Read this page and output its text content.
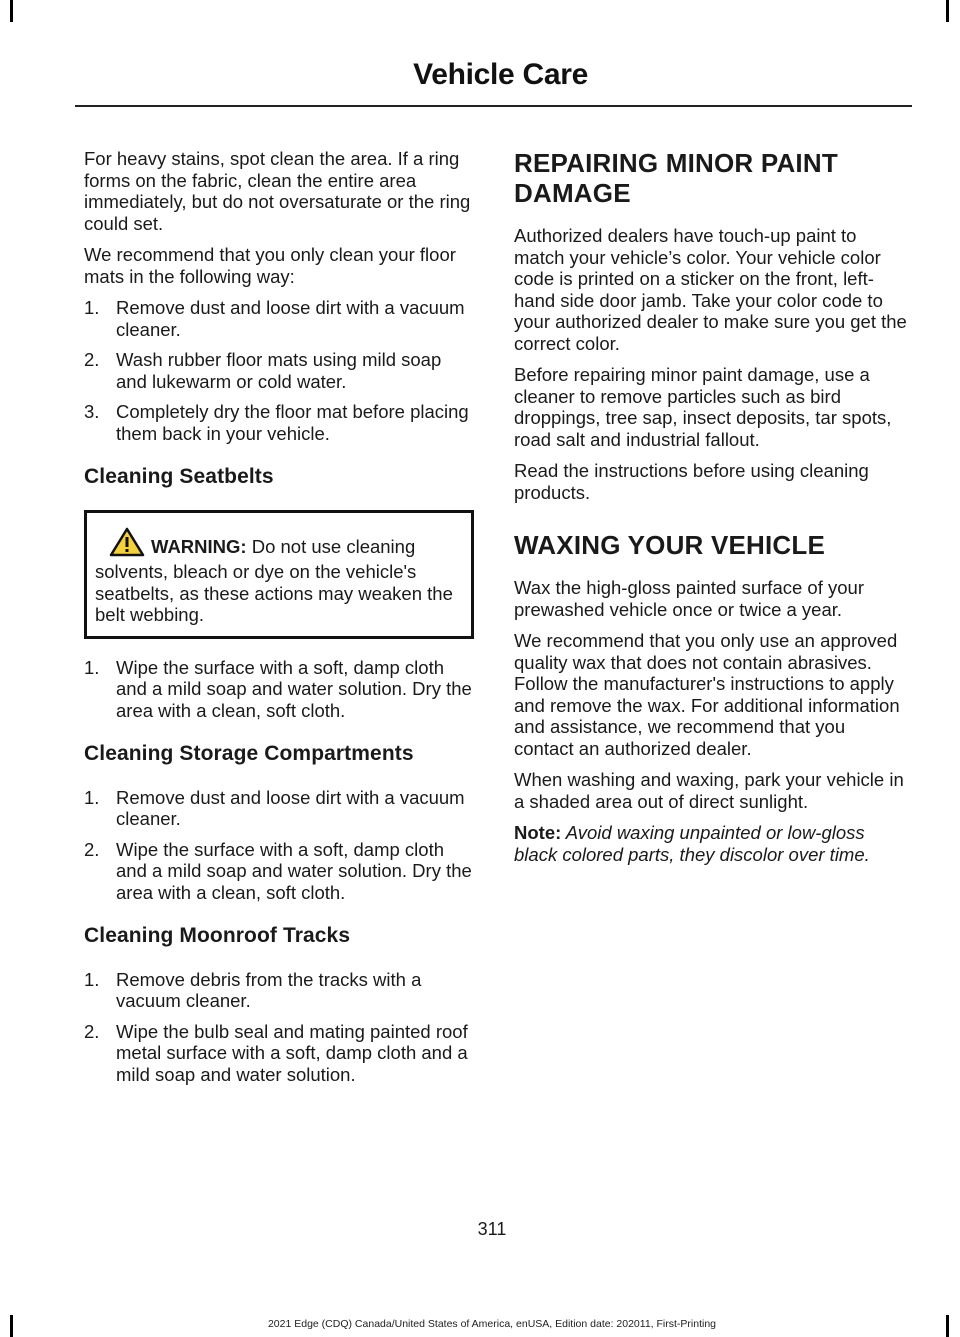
Vehicle Care

For heavy stains, spot clean the area. If a ring forms on the fabric, clean the entire area immediately, but do not oversaturate or the ring could set.

We recommend that you only clean your floor mats in the following way:

1. Remove dust and loose dirt with a vacuum cleaner.
2. Wash rubber floor mats using mild soap and lukewarm or cold water.
3. Completely dry the floor mat before placing them back in your vehicle.
Cleaning Seatbelts
WARNING: Do not use cleaning solvents, bleach or dye on the vehicle's seatbelts, as these actions may weaken the belt webbing.
1. Wipe the surface with a soft, damp cloth and a mild soap and water solution. Dry the area with a clean, soft cloth.
Cleaning Storage Compartments
1. Remove dust and loose dirt with a vacuum cleaner.
2. Wipe the surface with a soft, damp cloth and a mild soap and water solution. Dry the area with a clean, soft cloth.
Cleaning Moonroof Tracks
1. Remove debris from the tracks with a vacuum cleaner.
2. Wipe the bulb seal and mating painted roof metal surface with a soft, damp cloth and a mild soap and water solution.
REPAIRING MINOR PAINT
DAMAGE

Authorized dealers have touch-up paint to match your vehicle’s color. Your vehicle color code is printed on a sticker on the front, left-hand side door jamb. Take your color code to your authorized dealer to make sure you get the correct color.

Before repairing minor paint damage, use a cleaner to remove particles such as bird droppings, tree sap, insect deposits, tar spots, road salt and industrial fallout.

Read the instructions before using cleaning products.

WAXING YOUR VEHICLE

Wax the high-gloss painted surface of your prewashed vehicle once or twice a year.

We recommend that you only use an approved quality wax that does not contain abrasives. Follow the manufacturer's instructions to apply and remove the wax. For additional information and assistance, we recommend that you contact an authorized dealer.

When washing and waxing, park your vehicle in a shaded area out of direct sunlight.

Note: Avoid waxing unpainted or low-gloss black colored parts, they discolor over time.

311
2021 Edge (CDQ) Canada/United States of America, enUSA, Edition date: 202011, First-Printing
